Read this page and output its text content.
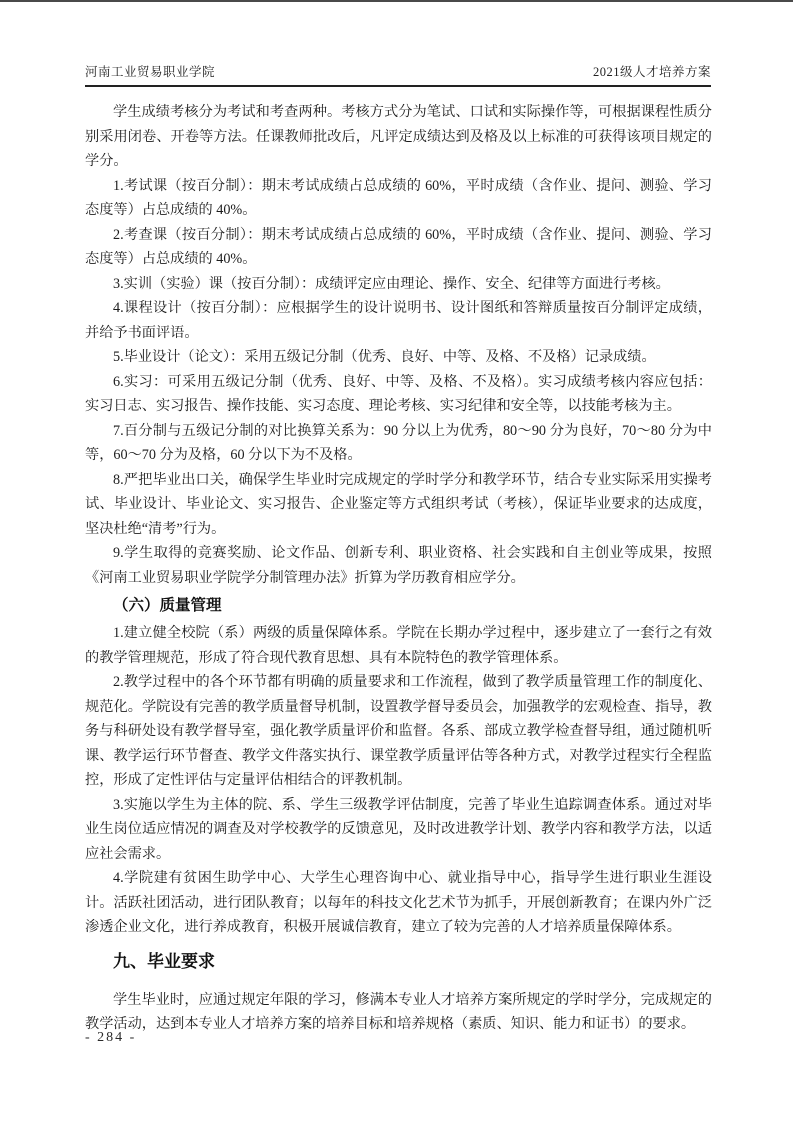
河南工业贸易职业学院	2021级人才培养方案

学生成绩考核分为考试和考查两种。考核方式分为笔试、口试和实际操作等，可根据课程性质分别采用闭卷、开卷等方法。任课教师批改后，凡评定成绩达到及格及以上标准的可获得该项目规定的学分。

1.考试课（按百分制）：期末考试成绩占总成绩的 60%，平时成绩（含作业、提问、测验、学习态度等）占总成绩的 40%。

2.考查课（按百分制）：期末考试成绩占总成绩的 60%，平时成绩（含作业、提问、测验、学习态度等）占总成绩的 40%。

3.实训（实验）课（按百分制）：成绩评定应由理论、操作、安全、纪律等方面进行考核。

4.课程设计（按百分制）：应根据学生的设计说明书、设计图纸和答辩质量按百分制评定成绩，并给予书面评语。

5.毕业设计（论文）：采用五级记分制（优秀、良好、中等、及格、不及格）记录成绩。

6.实习：可采用五级记分制（优秀、良好、中等、及格、不及格）。实习成绩考核内容应包括：实习日志、实习报告、操作技能、实习态度、理论考核、实习纪律和安全等，以技能考核为主。

7.百分制与五级记分制的对比换算关系为：90 分以上为优秀，80～90 分为良好，70～80 分为中等，60～70 分为及格，60 分以下为不及格。

8.严把毕业出口关，确保学生毕业时完成规定的学时学分和教学环节，结合专业实际采用实操考试、毕业设计、毕业论文、实习报告、企业鉴定等方式组织考试（考核），保证毕业要求的达成度，坚决杜绝“清考”行为。

9.学生取得的竞赛奖励、论文作品、创新专利、职业资格、社会实践和自主创业等成果，按照《河南工业贸易职业学院学分制管理办法》折算为学历教育相应学分。

（六）质量管理

1.建立健全校院（系）两级的质量保障体系。学院在长期办学过程中，逐步建立了一套行之有效的教学管理规范，形成了符合现代教育思想、具有本院特色的教学管理体系。

2.教学过程中的各个环节都有明确的质量要求和工作流程，做到了教学质量管理工作的制度化、规范化。学院设有完善的教学质量督导机制，设置教学督导委员会，加强教学的宏观检查、指导，教务与科研处设有教学督导室，强化教学质量评价和监督。各系、部成立教学检查督导组，通过随机听课、教学运行环节督查、教学文件落实执行、课堂教学质量评估等各种方式，对教学过程实行全程监控，形成了定性评估与定量评估相结合的评教机制。

3.实施以学生为主体的院、系、学生三级教学评估制度，完善了毕业生追踪调查体系。通过对毕业生岗位适应情况的调查及对学校教学的反馈意见，及时改进教学计划、教学内容和教学方法，以适应社会需求。

4.学院建有贫困生助学中心、大学生心理咨询中心、就业指导中心，指导学生进行职业生涯设计。活跃社团活动，进行团队教育；以每年的科技文化艺术节为抓手，开展创新教育；在课内外广泛渗透企业文化，进行养成教育，积极开展诚信教育，建立了较为完善的人才培养质量保障体系。

九、毕业要求

学生毕业时，应通过规定年限的学习，修满本专业人才培养方案所规定的学时学分，完成规定的教学活动，达到本专业人才培养方案的培养目标和培养规格（素质、知识、能力和证书）的要求。

- 284 -
